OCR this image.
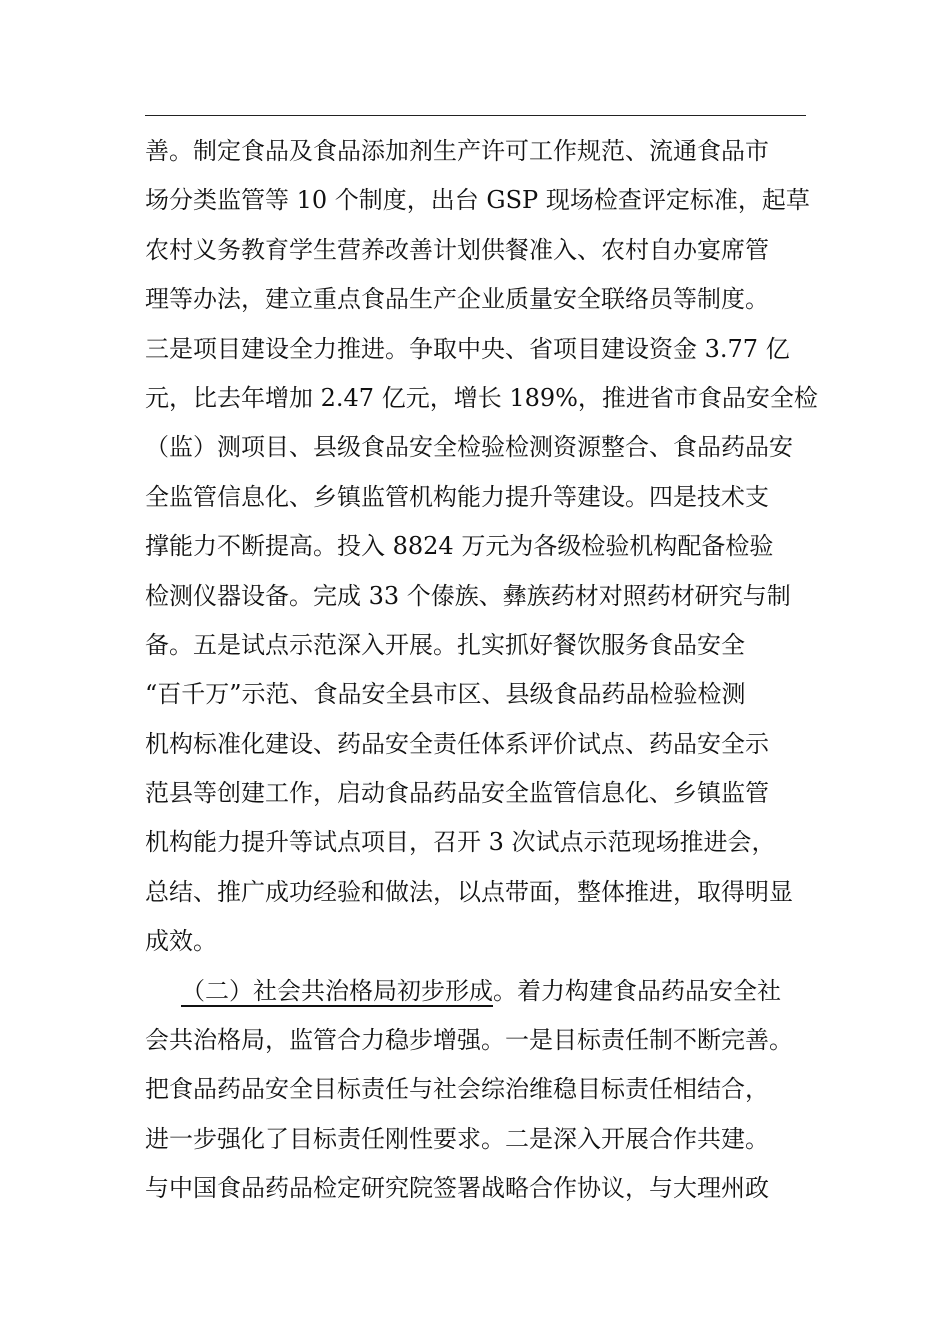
善。制定食品及食品添加剂生产许可工作规范、流通食品市
场分类监管等 10 个制度，出台 GSP 现场检查评定标准，起草
农村义务教育学生营养改善计划供餐准入、农村自办宴席管
理等办法，建立重点食品生产企业质量安全联络员等制度。
三是项目建设全力推进。争取中央、省项目建设资金 3.77 亿
元，比去年增加 2.47 亿元，增长 189%，推进省市食品安全检
（监）测项目、县级食品安全检验检测资源整合、食品药品安
全监管信息化、乡镇监管机构能力提升等建设。四是技术支
撑能力不断提高。投入 8824 万元为各级检验机构配备检验
检测仪器设备。完成 33 个傣族、彝族药材对照药材研究与制
备。五是试点示范深入开展。扎实抓好餐饮服务食品安全
“百千万”示范、食品安全县市区、县级食品药品检验检测
机构标准化建设、药品安全责任体系评价试点、药品安全示
范县等创建工作，启动食品药品安全监管信息化、乡镇监管
机构能力提升等试点项目，召开 3 次试点示范现场推进会，
总结、推广成功经验和做法，以点带面，整体推进，取得明显
成效。
（二）社会共治格局初步形成。着力构建食品药品安全社
会共治格局，监管合力稳步增强。一是目标责任制不断完善。
把食品药品安全目标责任与社会综治维稳目标责任相结合，
进一步强化了目标责任刚性要求。二是深入开展合作共建。
与中国食品药品检定研究院签署战略合作协议，与大理州政
